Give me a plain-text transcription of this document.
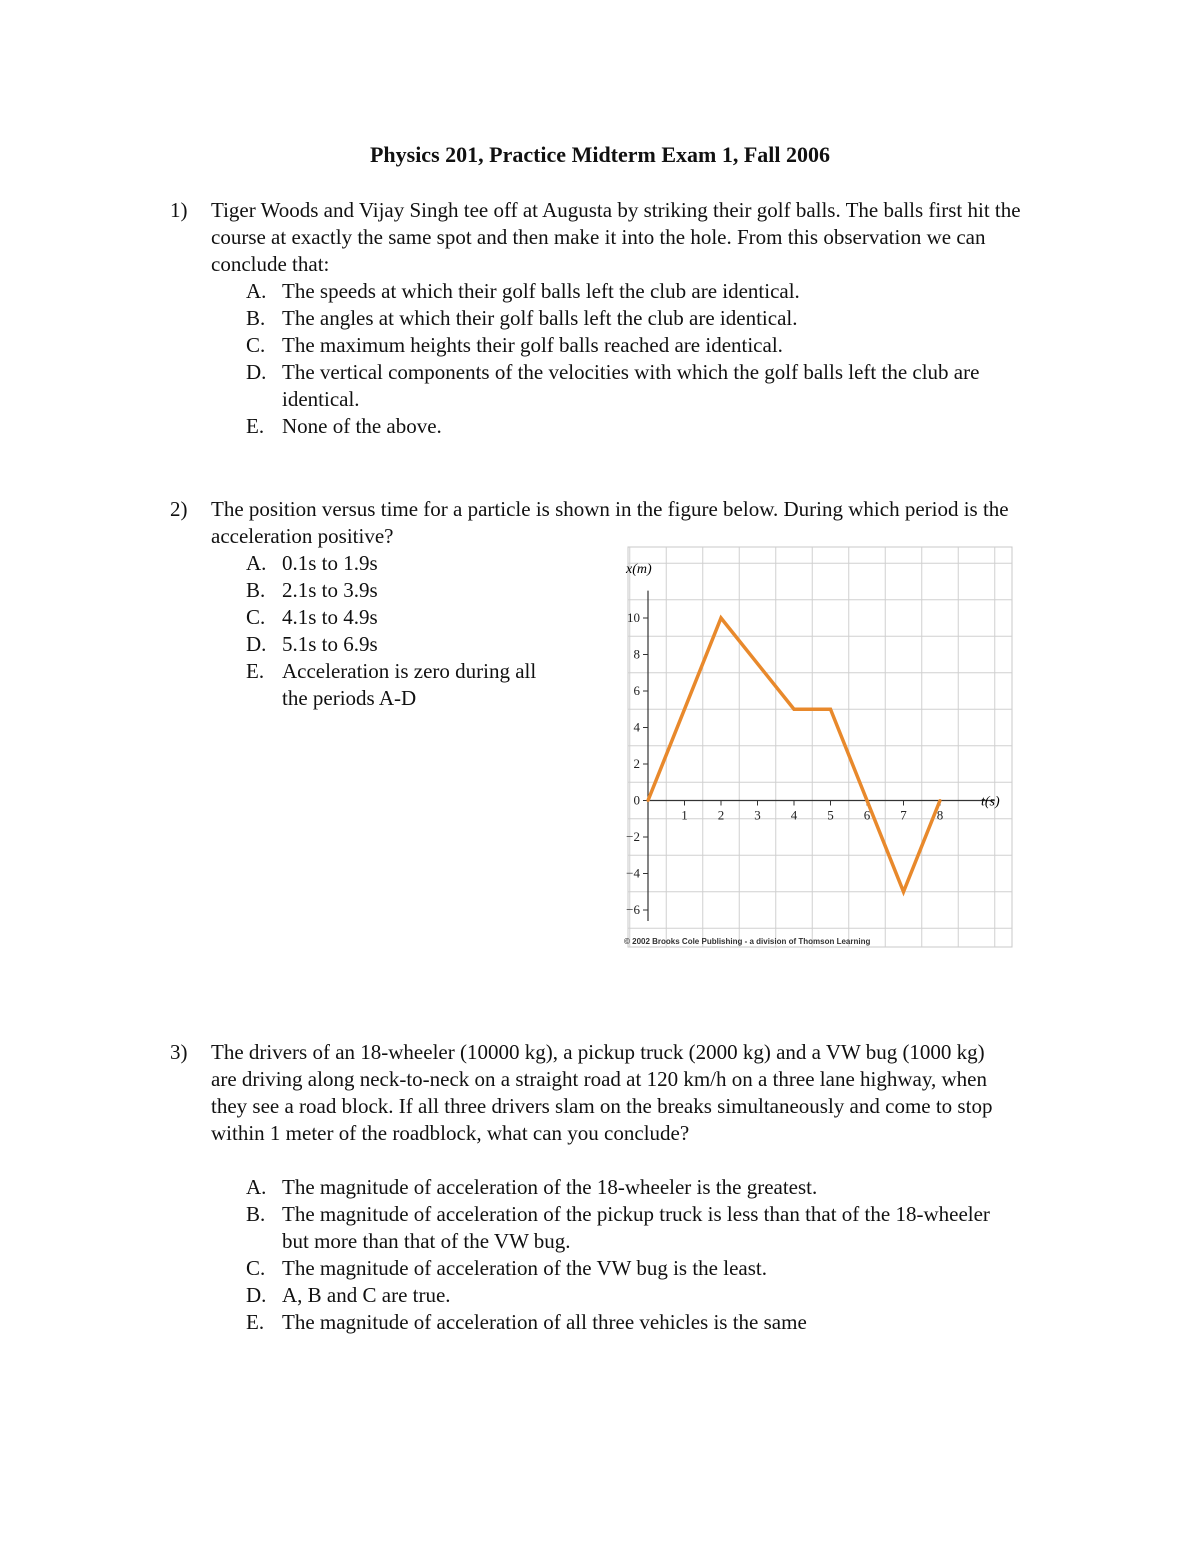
Physics 201, Practice Midterm Exam 1, Fall 2006
1) Tiger Woods and Vijay Singh tee off at Augusta by striking their golf balls. The balls first hit the course at exactly the same spot and then make it into the hole. From this observation we can conclude that:
A. The speeds at which their golf balls left the club are identical.
B. The angles at which their golf balls left the club are identical.
C. The maximum heights their golf balls reached are identical.
D. The vertical components of the velocities with which the golf balls left the club are identical.
E. None of the above.
2) The position versus time for a particle is shown in the figure below. During which period is the acceleration positive?
A. 0.1s to 1.9s
B. 2.1s to 3.9s
C. 4.1s to 4.9s
D. 5.1s to 6.9s
E. Acceleration is zero during all the periods A-D
1 2 3 4 5 6 7 8
10
8
6
4
2
0
−2
−4
−6
x(m)
t(s)
© 2002 Brooks Cole Publishing - a division of Thomson Learning
3) The drivers of an 18-wheeler (10000 kg), a pickup truck (2000 kg) and a VW bug (1000 kg) are driving along neck-to-neck on a straight road at 120 km/h on a three lane highway, when they see a road block. If all three drivers slam on the breaks simultaneously and come to stop within 1 meter of the roadblock, what can you conclude?
A. The magnitude of acceleration of the 18-wheeler is the greatest.
B. The magnitude of acceleration of the pickup truck is less than that of the 18-wheeler but more than that of the VW bug.
C. The magnitude of acceleration of the VW bug is the least.
D. A, B and C are true.
E. The magnitude of acceleration of all three vehicles is the same
